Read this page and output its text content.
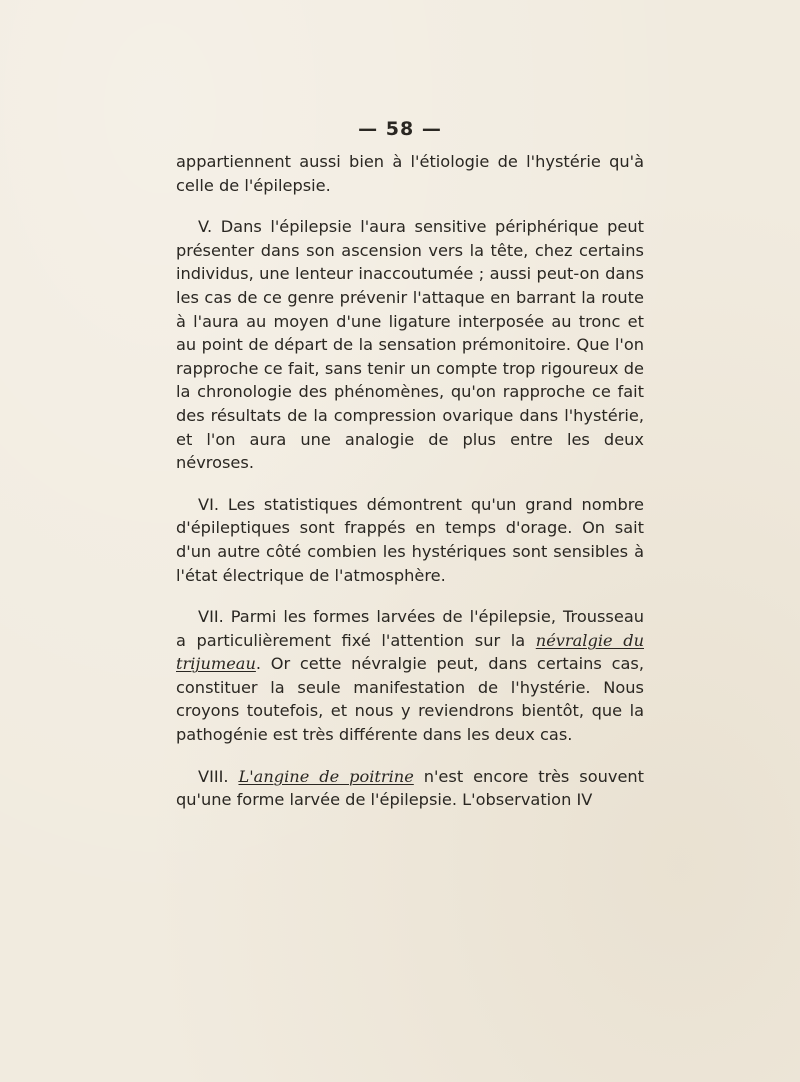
— 58 —

appartiennent aussi bien à l'étiologie de l'hystérie qu'à celle de l'épilepsie.

V. Dans l'épilepsie l'aura sensitive périphérique peut présenter dans son ascension vers la tête, chez certains individus, une lenteur inaccoutumée ; aussi peut-on dans les cas de ce genre prévenir l'attaque en barrant la route à l'aura au moyen d'une ligature interposée au tronc et au point de départ de la sensation prémonitoire. Que l'on rapproche ce fait, sans tenir un compte trop rigoureux de la chronologie des phénomènes, qu'on rapproche ce fait des résultats de la compression ovarique dans l'hystérie, et l'on aura une analogie de plus entre les deux névroses.

VI. Les statistiques démontrent qu'un grand nombre d'épileptiques sont frappés en temps d'orage. On sait d'un autre côté combien les hystériques sont sensibles à l'état électrique de l'atmosphère.

VII. Parmi les formes larvées de l'épilepsie, Trousseau a particulièrement fixé l'attention sur la névralgie du trijumeau. Or cette névralgie peut, dans certains cas, constituer la seule manifestation de l'hystérie. Nous croyons toutefois, et nous y reviendrons bientôt, que la pathogénie est très différente dans les deux cas.

VIII. L'angine de poitrine n'est encore très souvent qu'une forme larvée de l'épilepsie. L'observation IV
